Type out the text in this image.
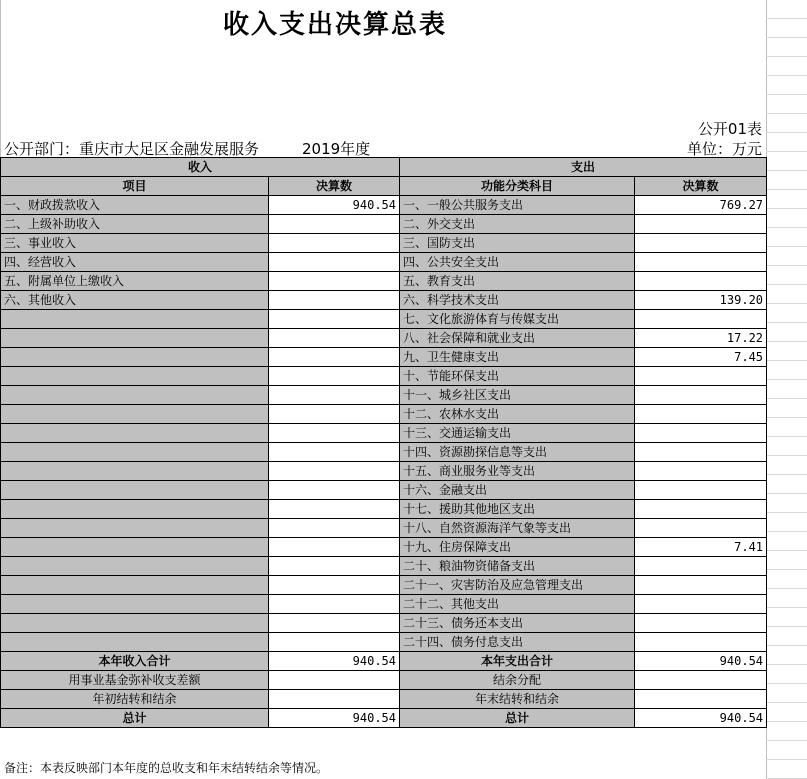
收入支出决算总表
公开01表
公开部门：重庆市大足区金融发展服务	2019年度	单位：万元
收入		支出	
项目	决算数	功能分类科目	决算数
一、财政拨款收入	940.54	一、一般公共服务支出	769.27
二、上级补助收入		二、外交支出	
三、事业收入		三、国防支出	
四、经营收入		四、公共安全支出	
五、附属单位上缴收入		五、教育支出	
六、其他收入		六、科学技术支出	139.20
		七、文化旅游体育与传媒支出	
		八、社会保障和就业支出	17.22
		九、卫生健康支出	7.45
		十、节能环保支出	
		十一、城乡社区支出	
		十二、农林水支出	
		十三、交通运输支出	
		十四、资源勘探信息等支出	
		十五、商业服务业等支出	
		十六、金融支出	
		十七、援助其他地区支出	
		十八、自然资源海洋气象等支出	
		十九、住房保障支出	7.41
		二十、粮油物资储备支出	
		二十一、灾害防治及应急管理支出	
		二十二、其他支出	
		二十三、债务还本支出	
		二十四、债务付息支出	
本年收入合计	940.54	本年支出合计	940.54
用事业基金弥补收支差额		结余分配	
年初结转和结余		年末结转和结余	
总计	940.54	总计	940.54
备注：本表反映部门本年度的总收支和年末结转结余等情况。
